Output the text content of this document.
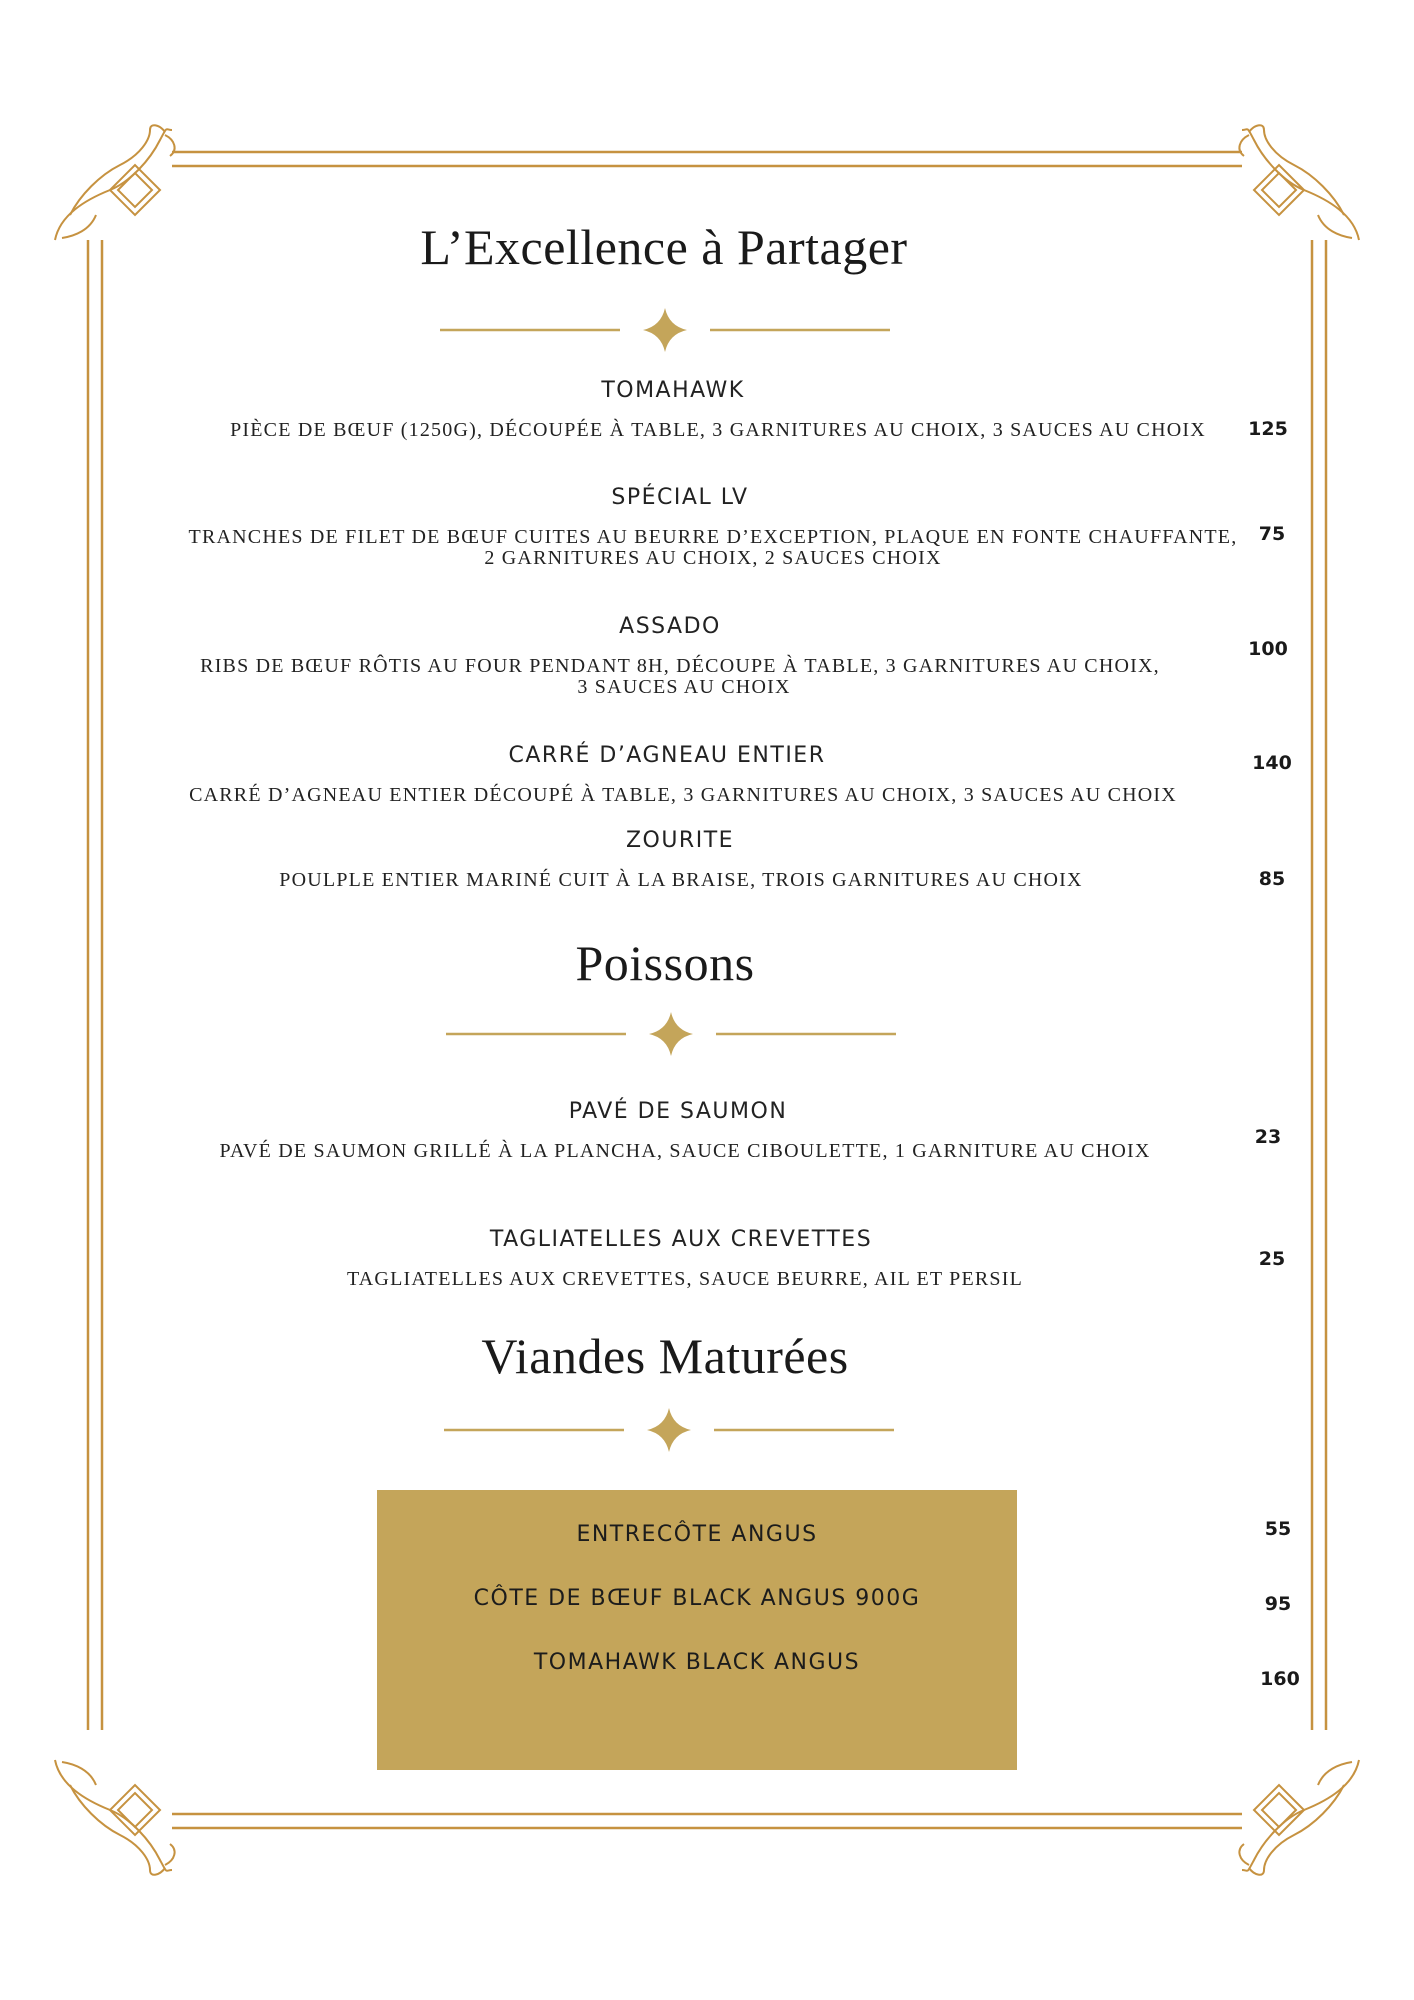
L’Excellence à Partager
TOMAHAWK
PIÈCE DE BŒUF (1250G), DÉCOUPÉE À TABLE, 3 GARNITURES AU CHOIX, 3 SAUCES AU CHOIX	125
SPÉCIAL LV
TRANCHES DE FILET DE BŒUF CUITES AU BEURRE D’EXCEPTION, PLAQUE EN FONTE CHAUFFANTE,
2 GARNITURES AU CHOIX, 2 SAUCES CHOIX
75
ASSADO
RIBS DE BŒUF RÔTIS AU FOUR PENDANT 8H, DÉCOUPE À TABLE, 3 GARNITURES AU CHOIX,
3 SAUCES AU CHOIX
100
CARRÉ D’AGNEAU ENTIER
CARRÉ D’AGNEAU ENTIER DÉCOUPÉ À TABLE, 3 GARNITURES AU CHOIX, 3 SAUCES AU CHOIX
140
ZOURITE
POULPLE ENTIER MARINÉ CUIT À LA BRAISE, TROIS GARNITURES AU CHOIX	85
Poissons
PAVÉ DE SAUMON
PAVÉ DE SAUMON GRILLÉ À LA PLANCHA, SAUCE CIBOULETTE, 1 GARNITURE AU CHOIX
23
TAGLIATELLES AUX CREVETTES
TAGLIATELLES AUX CREVETTES, SAUCE BEURRE, AIL ET PERSIL
25
Viandes Maturées
ENTRECÔTE ANGUS
CÔTE DE BŒUF BLACK ANGUS 900G
TOMAHAWK BLACK ANGUS
55
95
160
